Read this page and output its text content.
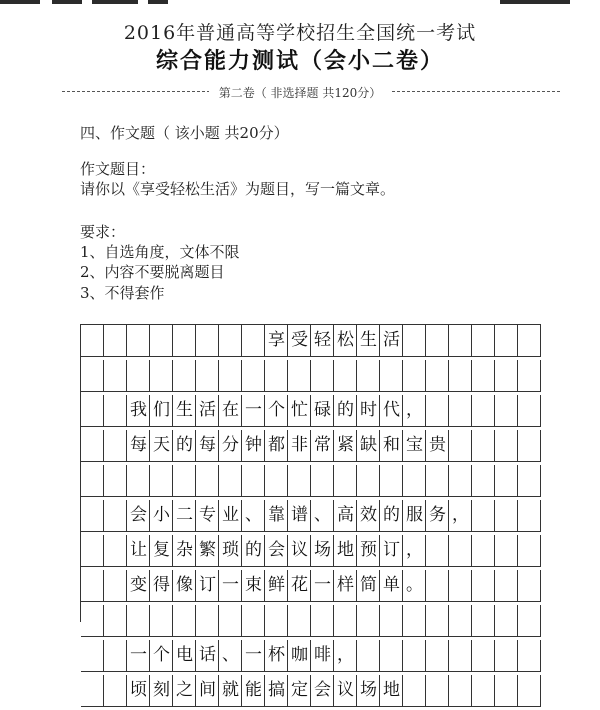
2016年普通高等学校招生全国统一考试
综合能力测试（会小二卷）
第二卷（ 非选择题 共120分）
四、作文题（ 该小题 共20分）
作文题目：
请你以《享受轻松生活》为题目，写一篇文章。
要求：
1、自选角度，文体不限
2、内容不要脱离题目
3、不得套作
享 受 轻 松 生 活
我 们 生 活 在 一 个 忙 碌 的 时 代 ，
每 天 的 每 分 钟 都 非 常 紧 缺 和 宝 贵
会 小 二 专 业 、 靠 谱 、 高 效 的 服 务 ，
让 复 杂 繁 琐 的 会 议 场 地 预 订 ，
变 得 像 订 一 束 鲜 花 一 样 简 单 。
一 个 电 话 、 一 杯 咖 啡 ，
顷 刻 之 间 就 能 搞 定 会 议 场 地
